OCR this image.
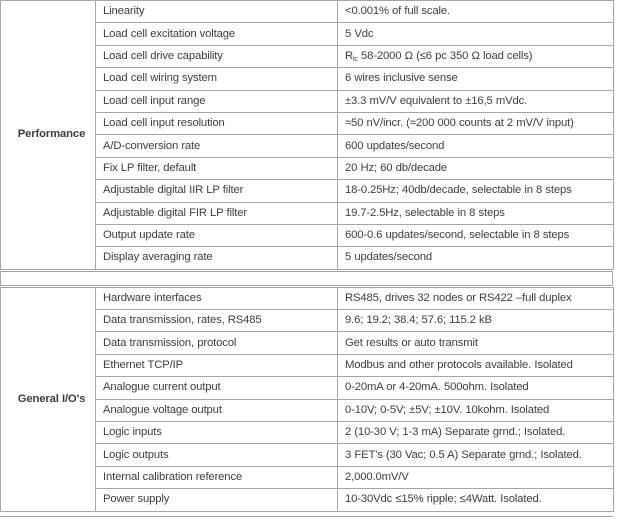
Performance	Linearity	<0.001% of full scale.
	Load cell excitation voltage	5 Vdc
	Load cell drive capability	$R_{lc}$ 58-2000 Ω (≤6 pc 350 Ω load cells)
	Load cell wiring system	6 wires inclusive sense
	Load cell input range	±3.3 mV/V equivalent to ±16,5 mVdc.
	Load cell input resolution	≈50 nV/incr. (≈200 000 counts at 2 mV/V input)
	A/D-conversion rate	600 updates/second
	Fix LP filter, default	20 Hz; 60 db/decade
	Adjustable digital IIR LP filter	18-0.25Hz; 40db/decade, selectable in 8 steps
	Adjustable digital FIR LP filter	19.7-2.5Hz, selectable in 8 steps
	Output update rate	600-0.6 updates/second, selectable in 8 steps
	Display averaging rate	5 updates/second
General I/O's	Hardware interfaces	RS485, drives 32 nodes or RS422 –full duplex
	Data transmission, rates, RS485	9.6; 19.2; 38.4; 57.6; 115.2 kB
	Data transmission, protocol	Get results or auto transmit
	Ethernet TCP/IP	Modbus and other protocols available. Isolated
	Analogue current output	0-20mA or 4-20mA. 500ohm. Isolated
	Analogue voltage output	0-10V; 0-5V; ±5V; ±10V. 10kohm. Isolated
	Logic inputs	2 (10-30 V; 1-3 mA) Separate grnd.; Isolated.
	Logic outputs	3 FET's (30 Vac; 0.5 A) Separate grnd.; Isolated.
	Internal calibration reference	2,000.0mV/V
	Power supply	10-30Vdc ≤15% ripple; ≤4Watt. Isolated.
